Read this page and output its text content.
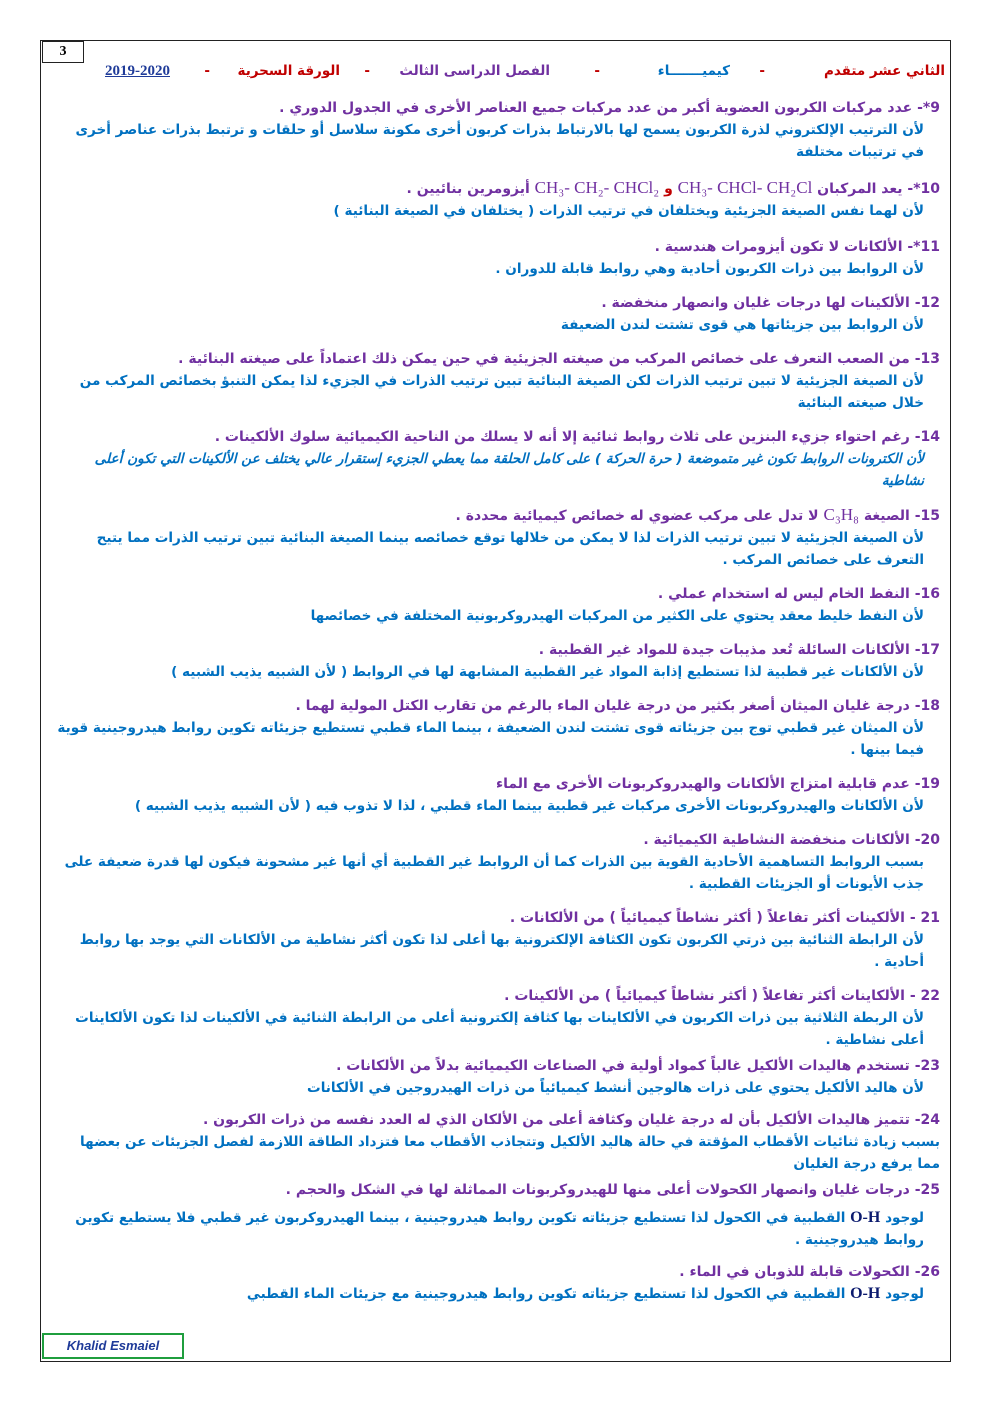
3
الثاني عشر متقدم
-
كيميـــــــاء
-
الفصل الدراسى الثالث
-
الورقة السحرية
-
2019-2020

9*- عدد مركبات الكربون العضوية أكبر من عدد مركبات جميع العناصر الأخرى في الجدول الدوري .

لأن الترتيب الإلكتروني لذرة الكربون يسمح لها بالارتباط بذرات كربون أخرى مكونة سلاسل أو حلقات و ترتبط بذرات عناصر أخرى في ترتيبات مختلفة

10*- يعد المركبان CH₃- CHCl- CH₂Cl و CH₃- CH₂- CHCl₂ أيزومرين بنائيين .

لأن لهما نفس الصيغة الجزيئية ويختلفان في ترتيب الذرات ( يختلفان في الصيغة البنائية )

11*- الألكانات لا تكون أيزومرات هندسية .

لأن الروابط بين ذرات الكربون أحادية وهي روابط قابلة للدوران .

12- الألكينات لها درجات غليان وانصهار منخفضة .

لأن الروابط بين جزيئاتها هي قوى تشتت لندن الضعيفة

13- من الصعب التعرف على خصائص المركب من صيغته الجزيئية في حين يمكن ذلك اعتماداً على صيغته البنائية .

لأن الصيغة الجزيئية لا تبين ترتيب الذرات لكن الصيغة البنائية تبين ترتيب الذرات في الجزيء لذا يمكن التنبؤ بخصائص المركب من خلال صيغته البنائية

14- رغم احتواء جزيء البنزين على ثلاث روابط ثنائية إلا أنه لا يسلك من الناحية الكيميائية سلوك الألكينات .

لأن الكترونات الروابط تكون غير متموضعة ( حرة الحركة ) على كامل الحلقة مما يعطي الجزيء إستقرار عالي يختلف عن الألكينات التي تكون أعلى نشاطية

15- الصيغة C₃H₈ لا تدل على مركب عضوي له خصائص كيميائية محددة .

لأن الصيغة الجزيئية لا تبين ترتيب الذرات لذا لا يمكن من خلالها توقع خصائصه بينما الصيغة البنائية تبين ترتيب الذرات مما يتيح التعرف على خصائص المركب .

16- النفط الخام ليس له استخدام عملي .

لأن النفط خليط معقد يحتوي على الكثير من المركبات الهيدروكربونية المختلفة في خصائصها

17- الألكانات السائلة تُعد مذيبات جيدة للمواد غير القطبية .

لأن الألكانات غير قطبية لذا تستطيع إذابة المواد غير القطبية المشابهة لها في الروابط ( لأن الشبيه يذيب الشبيه )

18- درجة غليان الميثان أصغر بكثير من درجة غليان الماء بالرغم من تقارب الكتل المولية لهما .

لأن الميثان غير قطبي توج بين جزيئاته قوى تشتت لندن الضعيفة ، بينما الماء قطبي تستطيع جزيئاته تكوين روابط هيدروجينية قوية فيما بينها .

19- عدم قابلية امتزاج الألكانات والهيدروكربونات الأخرى مع الماء

لأن الألكانات والهيدروكربونات الأخرى مركبات غير قطبية بينما الماء قطبي ، لذا لا تذوب فيه ( لأن الشبيه يذيب الشبيه )

20- الألكانات منخفضة النشاطية الكيميائية .

بسبب الروابط التساهمية الأحادية القوية بين الذرات كما أن الروابط غير القطبية أي أنها غير مشحونة فيكون لها قدرة ضعيفة على جذب الأيونات أو الجزيئات القطبية .

21 - الألكينات أكثر تفاعلاً ( أكثر نشاطاً كيميائياً ) من الألكانات .

لأن الرابطة الثنائية بين ذرتي الكربون تكون الكثافة الإلكترونية بها أعلى لذا تكون أكثر نشاطية من الألكانات التي يوجد بها روابط أحادية .

22 - الألكاينات أكثر تفاعلاً ( أكثر نشاطاً كيميائياً ) من الألكينات .

لأن الربطة الثلاثية بين ذرات الكربون في الألكاينات بها كثافة إلكترونية أعلى من الرابطة الثنائية في الألكينات لذا تكون الألكاينات أعلى نشاطية .

23- تستخدم هاليدات الألكيل غالباً كمواد أولية في الصناعات الكيميائية بدلاً من الألكانات .

لأن هاليد الألكيل يحتوي على ذرات هالوجين أنشط كيميائياً من ذرات الهيدروجين في الألكانات

24- تتميز هاليدات الألكيل بأن له درجة غليان وكثافة أعلى من الألكان الذي له العدد نفسه من ذرات الكربون .

بسبب زيادة ثنائيات الأقطاب المؤقتة في حالة هاليد الألكيل وتتجاذب الأقطاب معا فتزداد الطاقة اللازمة لفصل الجزيئات عن بعضها مما يرفع درجة الغليان

25- درجات غليان وانصهار الكحولات أعلى منها للهيدروكربونات المماثلة لها في الشكل والحجم .

لوجود O-H القطبية في الكحول لذا تستطيع جزيئاته تكوين روابط هيدروجينية ، بينما الهيدروكربون غير قطبي فلا يستطيع تكوين روابط هيدروجينية .

26- الكحولات قابلة للذوبان في الماء .

لوجود O-H القطبية في الكحول لذا تستطيع جزيئاته تكوين روابط هيدروجينية مع جزيئات الماء القطبي

Khalid Esmaiel
